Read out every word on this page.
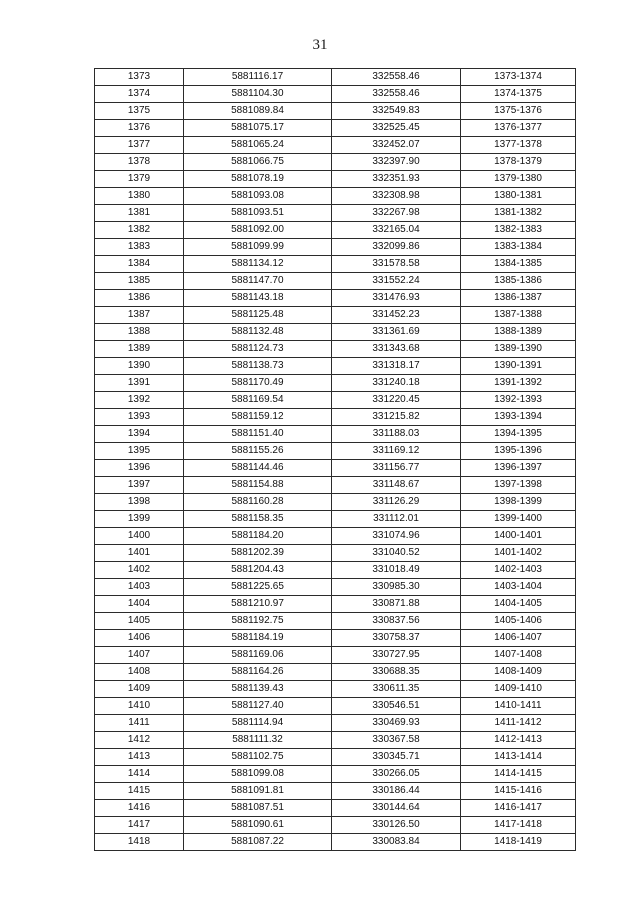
31
1373	5881116.17	332558.46	1373-1374
1374	5881104.30	332558.46	1374-1375
1375	5881089.84	332549.83	1375-1376
1376	5881075.17	332525.45	1376-1377
1377	5881065.24	332452.07	1377-1378
1378	5881066.75	332397.90	1378-1379
1379	5881078.19	332351.93	1379-1380
1380	5881093.08	332308.98	1380-1381
1381	5881093.51	332267.98	1381-1382
1382	5881092.00	332165.04	1382-1383
1383	5881099.99	332099.86	1383-1384
1384	5881134.12	331578.58	1384-1385
1385	5881147.70	331552.24	1385-1386
1386	5881143.18	331476.93	1386-1387
1387	5881125.48	331452.23	1387-1388
1388	5881132.48	331361.69	1388-1389
1389	5881124.73	331343.68	1389-1390
1390	5881138.73	331318.17	1390-1391
1391	5881170.49	331240.18	1391-1392
1392	5881169.54	331220.45	1392-1393
1393	5881159.12	331215.82	1393-1394
1394	5881151.40	331188.03	1394-1395
1395	5881155.26	331169.12	1395-1396
1396	5881144.46	331156.77	1396-1397
1397	5881154.88	331148.67	1397-1398
1398	5881160.28	331126.29	1398-1399
1399	5881158.35	331112.01	1399-1400
1400	5881184.20	331074.96	1400-1401
1401	5881202.39	331040.52	1401-1402
1402	5881204.43	331018.49	1402-1403
1403	5881225.65	330985.30	1403-1404
1404	5881210.97	330871.88	1404-1405
1405	5881192.75	330837.56	1405-1406
1406	5881184.19	330758.37	1406-1407
1407	5881169.06	330727.95	1407-1408
1408	5881164.26	330688.35	1408-1409
1409	5881139.43	330611.35	1409-1410
1410	5881127.40	330546.51	1410-1411
1411	5881114.94	330469.93	1411-1412
1412	5881111.32	330367.58	1412-1413
1413	5881102.75	330345.71	1413-1414
1414	5881099.08	330266.05	1414-1415
1415	5881091.81	330186.44	1415-1416
1416	5881087.51	330144.64	1416-1417
1417	5881090.61	330126.50	1417-1418
1418	5881087.22	330083.84	1418-1419
